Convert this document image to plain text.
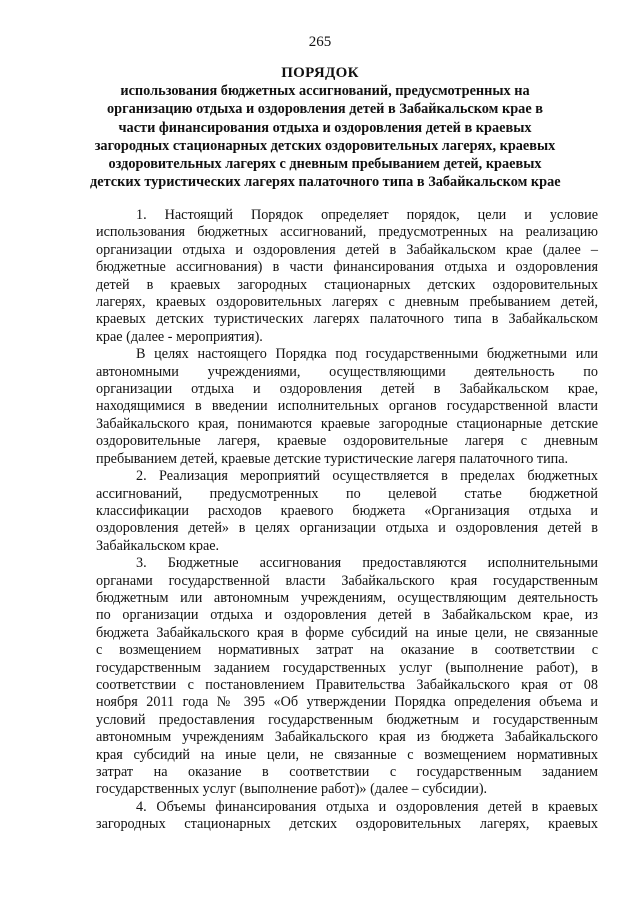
265
ПОРЯДОК
использования бюджетных ассигнований, предусмотренных на
организацию отдыха и оздоровления детей в Забайкальском крае в
части финансирования отдыха и оздоровления детей в краевых
загородных стационарных детских оздоровительных лагерях, краевых
оздоровительных лагерях с дневным пребыванием детей, краевых
детских туристических лагерях палаточного типа в Забайкальском крае
1. Настоящий Порядок определяет порядок, цели и условие
использования бюджетных ассигнований, предусмотренных на реализацию
организации отдыха и оздоровления детей в Забайкальском крае (далее –
бюджетные ассигнования) в части финансирования отдыха и оздоровления
детей в краевых загородных стационарных детских оздоровительных
лагерях, краевых оздоровительных лагерях с дневным пребыванием детей,
краевых детских туристических лагерях палаточного типа в Забайкальском
крае (далее - мероприятия).
В целях настоящего Порядка под государственными бюджетными или
автономными учреждениями, осуществляющими деятельность по
организации отдыха и оздоровления детей в Забайкальском крае,
находящимися в введении исполнительных органов государственной власти
Забайкальского края, понимаются краевые загородные стационарные детские
оздоровительные лагеря, краевые оздоровительные лагеря с дневным
пребыванием детей, краевые детские туристические лагеря палаточного типа.
2. Реализация мероприятий осуществляется в пределах бюджетных
ассигнований, предусмотренных по целевой статье бюджетной
классификации расходов краевого бюджета «Организация отдыха и
оздоровления детей» в целях организации отдыха и оздоровления детей в
Забайкальском крае.
3. Бюджетные ассигнования предоставляются исполнительными
органами государственной власти Забайкальского края государственным
бюджетным или автономным учреждениям, осуществляющим деятельность
по организации отдыха и оздоровления детей в Забайкальском крае, из
бюджета Забайкальского края в форме субсидий на иные цели, не связанные
с возмещением нормативных затрат на оказание в соответствии с
государственным заданием государственных услуг (выполнение работ), в
соответствии с постановлением Правительства Забайкальского края от 08
ноября 2011 года № 395 «Об утверждении Порядка определения объема и
условий предоставления государственным бюджетным и государственным
автономным учреждениям Забайкальского края из бюджета Забайкальского
края субсидий на иные цели, не связанные с возмещением нормативных
затрат на оказание в соответствии с государственным заданием
государственных услуг (выполнение работ)» (далее – субсидии).
4. Объемы финансирования отдыха и оздоровления детей в краевых
загородных стационарных детских оздоровительных лагерях, краевых
